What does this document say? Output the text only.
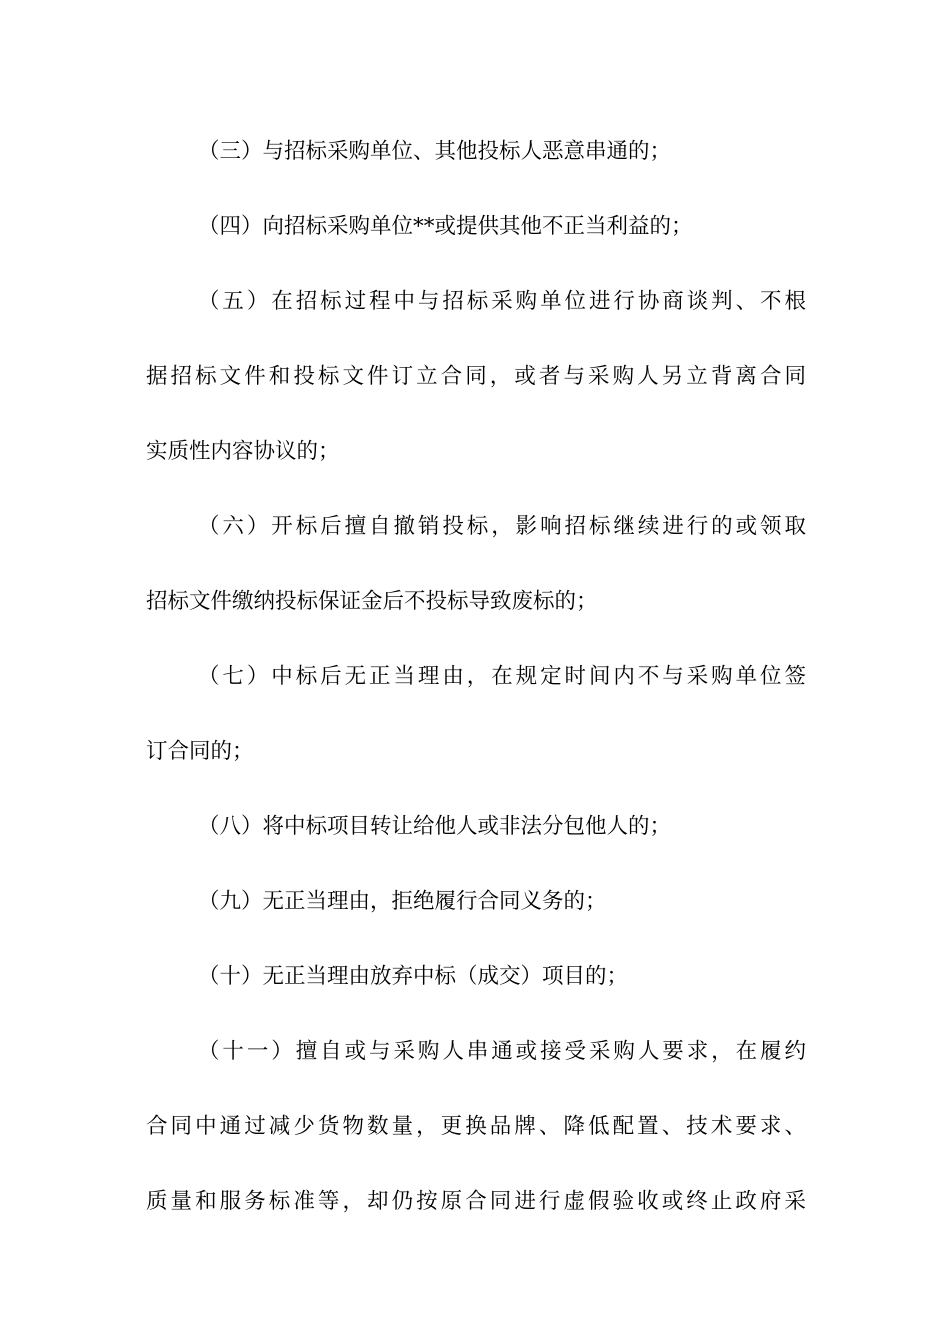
（三）与招标采购单位、其他投标人恶意串通的；
（四）向招标采购单位**或提供其他不正当利益的；
（五）在招标过程中与招标采购单位进行协商谈判、不根
据招标文件和投标文件订立合同，或者与采购人另立背离合同
实质性内容协议的；
（六）开标后擅自撤销投标，影响招标继续进行的或领取
招标文件缴纳投标保证金后不投标导致废标的；
（七）中标后无正当理由，在规定时间内不与采购单位签
订合同的；
（八）将中标项目转让给他人或非法分包他人的；
（九）无正当理由，拒绝履行合同义务的；
（十）无正当理由放弃中标（成交）项目的；
（十一）擅自或与采购人串通或接受采购人要求，在履约
合同中通过减少货物数量，更换品牌、降低配置、技术要求、
质量和服务标准等，却仍按原合同进行虚假验收或终止政府采
